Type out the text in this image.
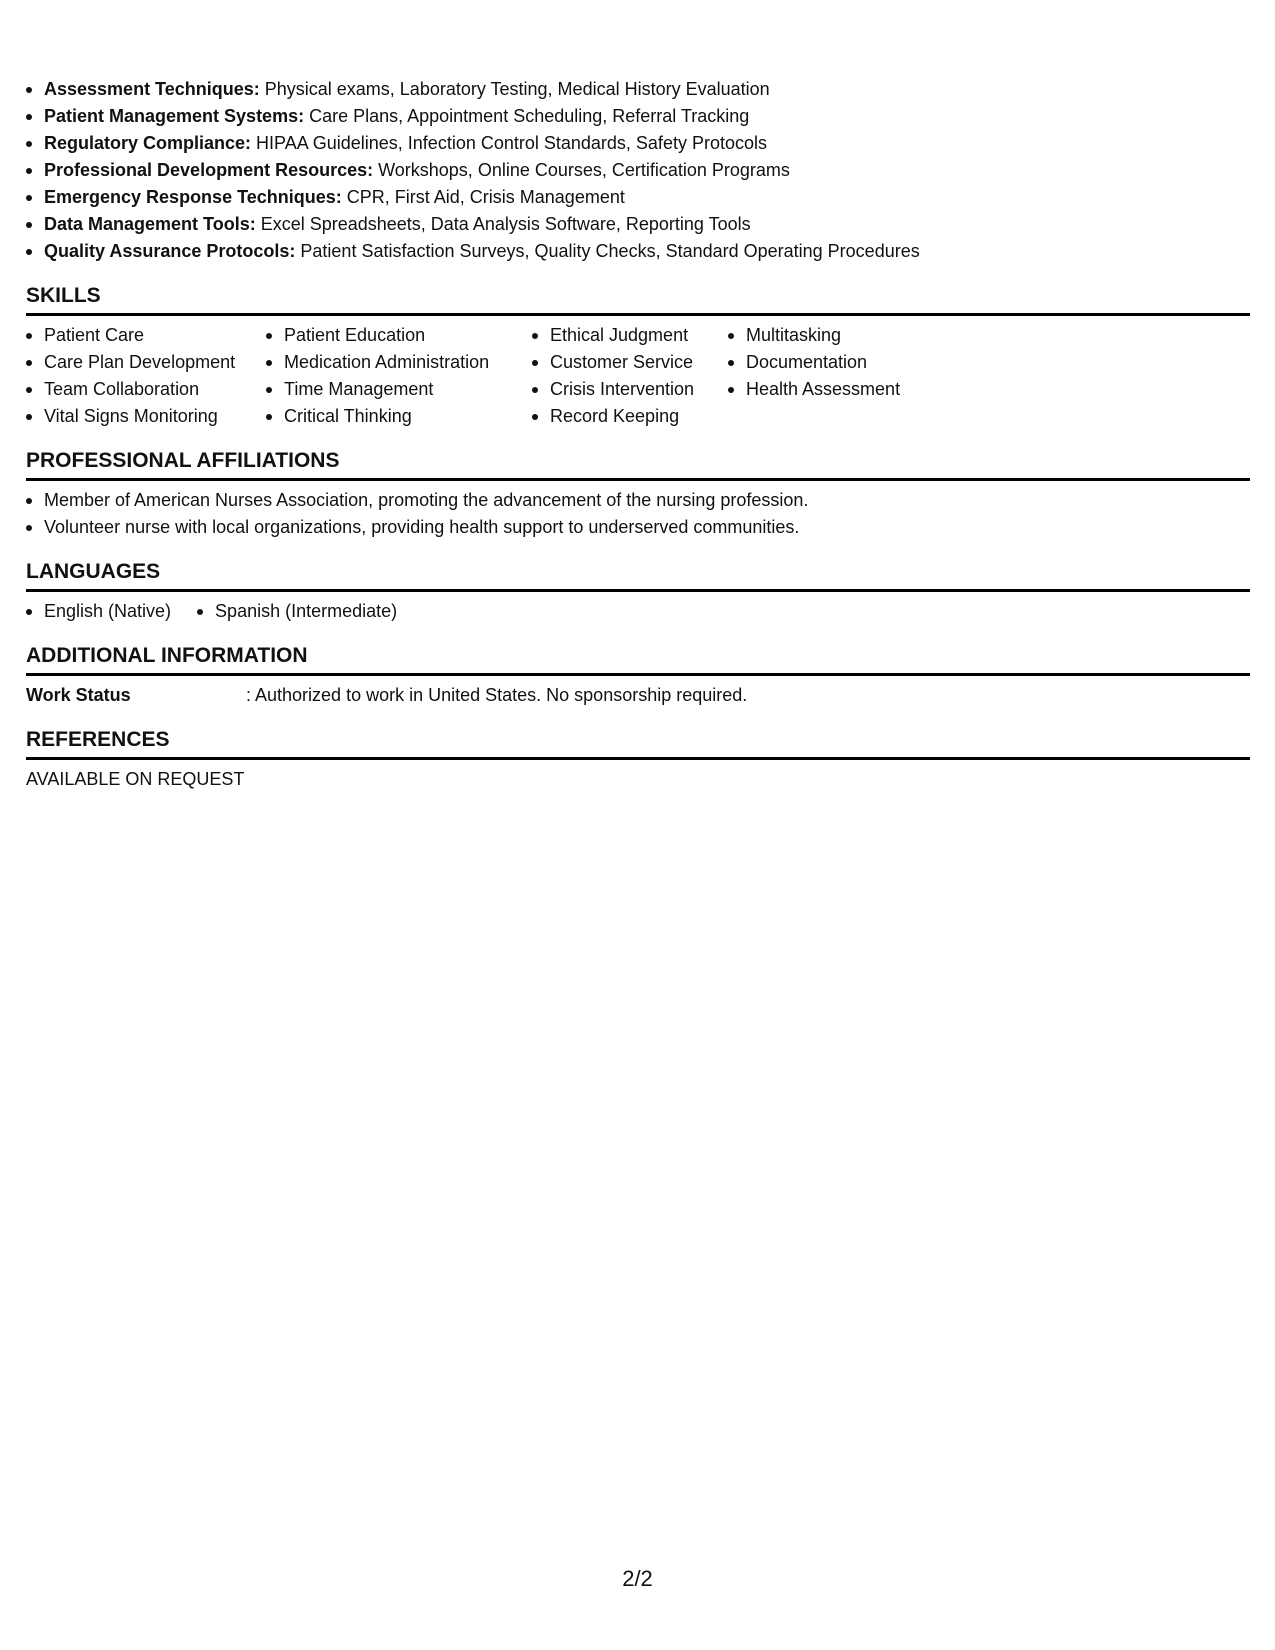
Assessment Techniques: Physical exams, Laboratory Testing, Medical History Evaluation
Patient Management Systems: Care Plans, Appointment Scheduling, Referral Tracking
Regulatory Compliance: HIPAA Guidelines, Infection Control Standards, Safety Protocols
Professional Development Resources: Workshops, Online Courses, Certification Programs
Emergency Response Techniques: CPR, First Aid, Crisis Management
Data Management Tools: Excel Spreadsheets, Data Analysis Software, Reporting Tools
Quality Assurance Protocols: Patient Satisfaction Surveys, Quality Checks, Standard Operating Procedures
SKILLS
Patient Care
Care Plan Development
Team Collaboration
Vital Signs Monitoring
Patient Education
Medication Administration
Time Management
Critical Thinking
Ethical Judgment
Customer Service
Crisis Intervention
Record Keeping
Multitasking
Documentation
Health Assessment
PROFESSIONAL AFFILIATIONS
Member of American Nurses Association, promoting the advancement of the nursing profession.
Volunteer nurse with local organizations, providing health support to underserved communities.
LANGUAGES
English (Native)	Spanish (Intermediate)
ADDITIONAL INFORMATION
Work Status	: Authorized to work in United States. No sponsorship required.
REFERENCES
AVAILABLE ON REQUEST
2/2
